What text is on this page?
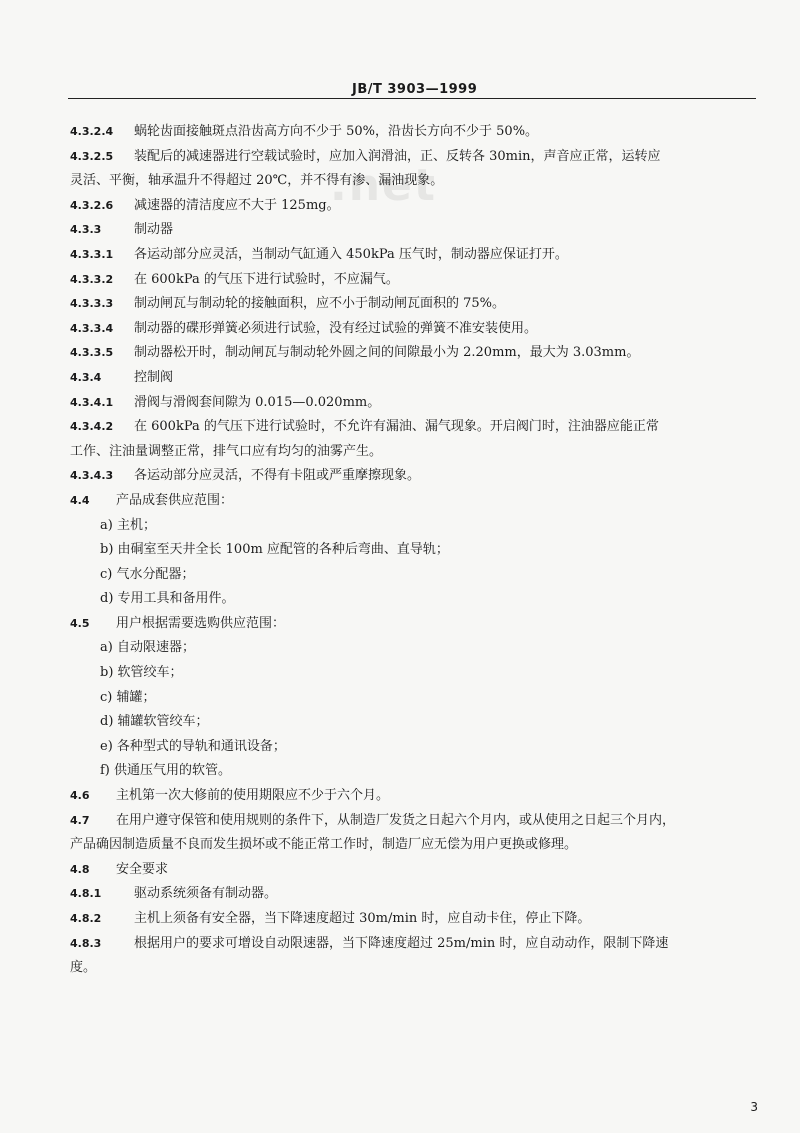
JB/T 3903—1999
.net
4.3.2.4 蜗轮齿面接触斑点沿齿高方向不少于 50%，沿齿长方向不少于 50%。
4.3.2.5 装配后的减速器进行空载试验时，应加入润滑油，正、反转各 30min，声音应正常，运转应
灵活、平衡，轴承温升不得超过 20℃，并不得有渗、漏油现象。
4.3.2.6 减速器的清洁度应不大于 125mg。
4.3.3	制动器
4.3.3.1 各运动部分应灵活，当制动气缸通入 450kPa 压气时，制动器应保证打开。
4.3.3.2 在 600kPa 的气压下进行试验时，不应漏气。
4.3.3.3 制动闸瓦与制动轮的接触面积，应不小于制动闸瓦面积的 75%。
4.3.3.4 制动器的碟形弹簧必须进行试验，没有经过试验的弹簧不准安装使用。
4.3.3.5 制动器松开时，制动闸瓦与制动轮外圆之间的间隙最小为 2.20mm，最大为 3.03mm。
4.3.4	控制阀
4.3.4.1 滑阀与滑阀套间隙为 0.015—0.020mm。
4.3.4.2 在 600kPa 的气压下进行试验时，不允许有漏油、漏气现象。开启阀门时，注油器应能正常
工作、注油量调整正常，排气口应有均匀的油雾产生。
4.3.4.3 各运动部分应灵活，不得有卡阻或严重摩擦现象。
4.4 产品成套供应范围：
a) 主机；
b) 由硐室至天井全长 100m 应配管的各种后弯曲、直导轨；
c) 气水分配器；
d) 专用工具和备用件。
4.5 用户根据需要选购供应范围：
a) 自动限速器；
b) 软管绞车；
c) 辅罐；
d) 辅罐软管绞车；
e) 各种型式的导轨和通讯设备；
f) 供通压气用的软管。
4.6 主机第一次大修前的使用期限应不少于六个月。
4.7 在用户遵守保管和使用规则的条件下，从制造厂发货之日起六个月内，或从使用之日起三个月内，
产品确因制造质量不良而发生损坏或不能正常工作时，制造厂应无偿为用户更换或修理。
4.8 安全要求
4.8.1	驱动系统须备有制动器。
4.8.2	主机上须备有安全器，当下降速度超过 30m/min 时，应自动卡住，停止下降。
4.8.3	根据用户的要求可增设自动限速器，当下降速度超过 25m/min 时，应自动动作，限制下降速
度。
3
